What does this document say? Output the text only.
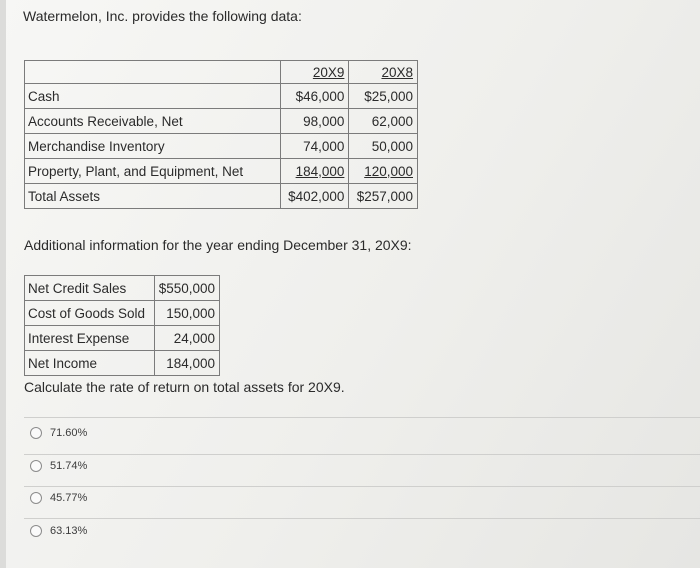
Watermelon, Inc. provides the following data:
	20X9	20X8
Cash	$46,000	$25,000
Accounts Receivable, Net	98,000	62,000
Merchandise Inventory	74,000	50,000
Property, Plant, and Equipment, Net	184,000	120,000
Total Assets	$402,000	$257,000
Additional information for the year ending December 31, 20X9:
Net Credit Sales	$550,000
Cost of Goods Sold	150,000
Interest Expense	24,000
Net Income	184,000
Calculate the rate of return on total assets for 20X9.
71.60%
51.74%
45.77%
63.13%
